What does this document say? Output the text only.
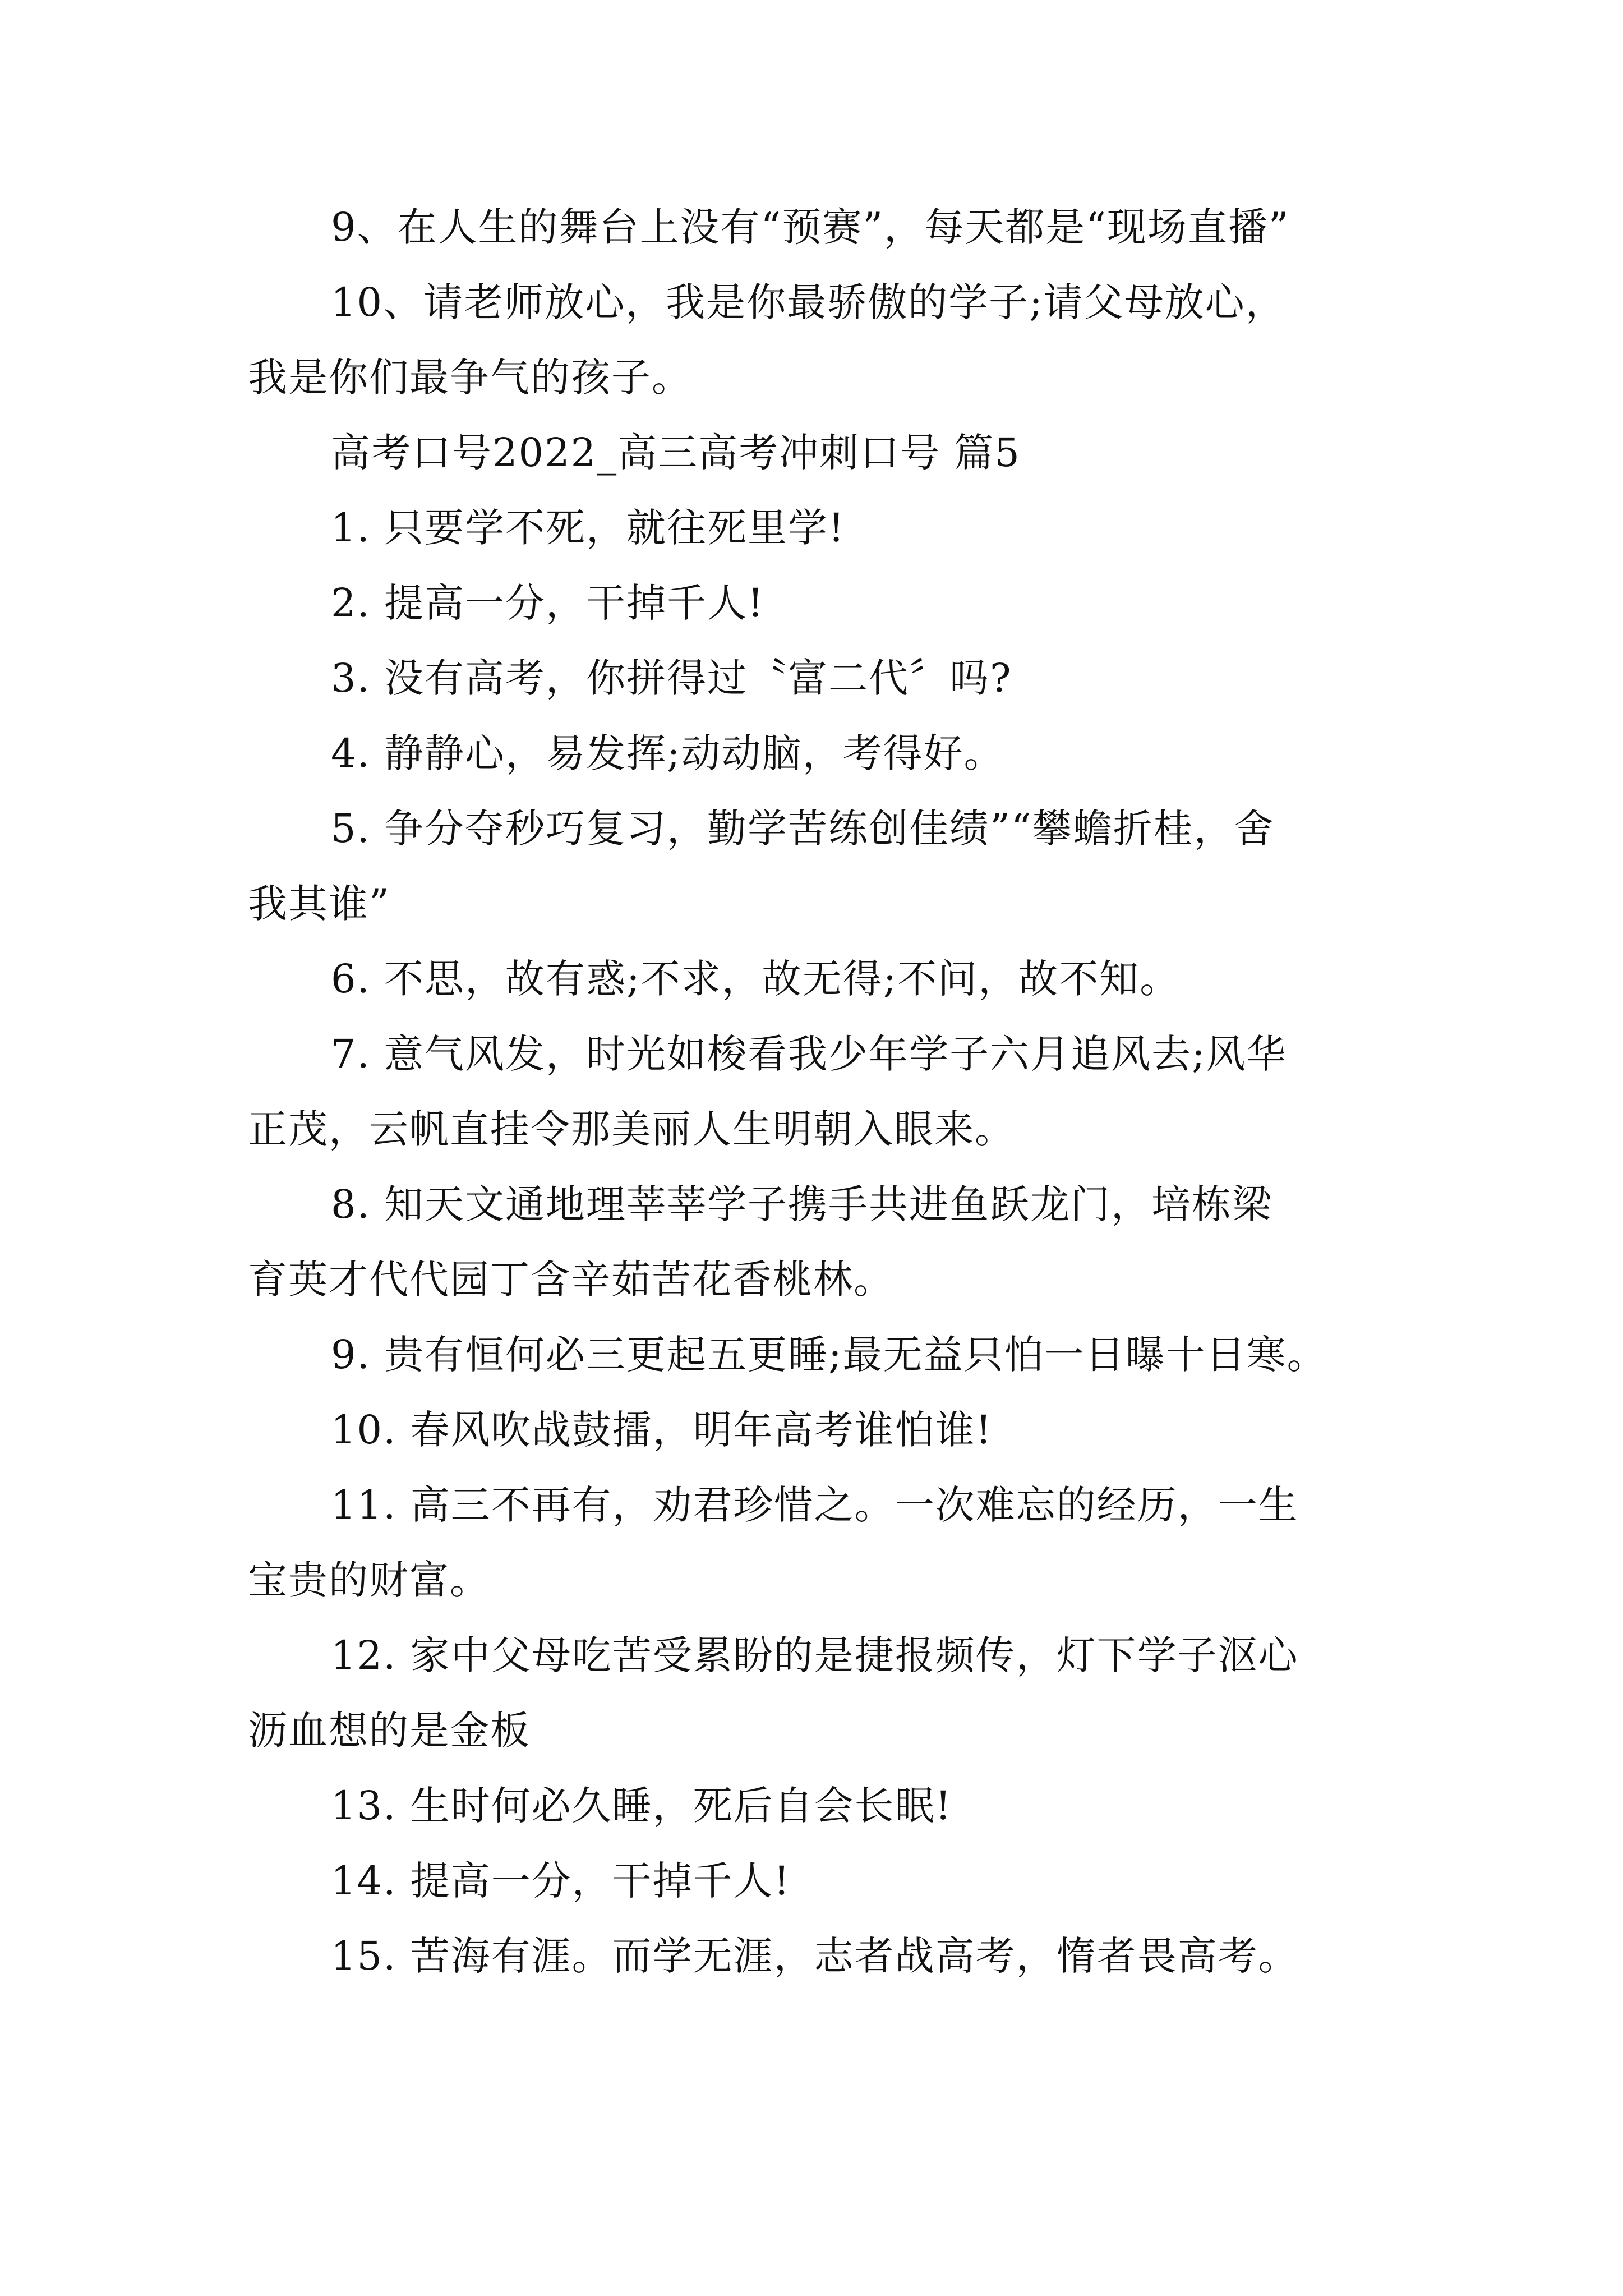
9、在人生的舞台上没有“预赛”，每天都是“现场直播”
10、请老师放心，我是你最骄傲的学子;请父母放心，
我是你们最争气的孩子。
高考口号2022_高三高考冲刺口号 篇5
1. 只要学不死，就往死里学!
2. 提高一分，干掉千人!
3. 没有高考，你拼得过〝富二代〞吗?
4. 静静心，易发挥;动动脑，考得好。
5. 争分夺秒巧复习，勤学苦练创佳绩”“攀蟾折桂，舍
我其谁”
6. 不思，故有惑;不求，故无得;不问，故不知。
7. 意气风发，时光如梭看我少年学子六月追风去;风华
正茂，云帆直挂令那美丽人生明朝入眼来。
8. 知天文通地理莘莘学子携手共进鱼跃龙门，培栋梁
育英才代代园丁含辛茹苦花香桃林。
9. 贵有恒何必三更起五更睡;最无益只怕一日曝十日寒。
10. 春风吹战鼓擂，明年高考谁怕谁!
11. 高三不再有，劝君珍惜之。一次难忘的经历，一生
宝贵的财富。
12. 家中父母吃苦受累盼的是捷报频传，灯下学子沤心
沥血想的是金板
13. 生时何必久睡，死后自会长眠!
14. 提高一分，干掉千人!
15. 苦海有涯。而学无涯，志者战高考，惰者畏高考。
